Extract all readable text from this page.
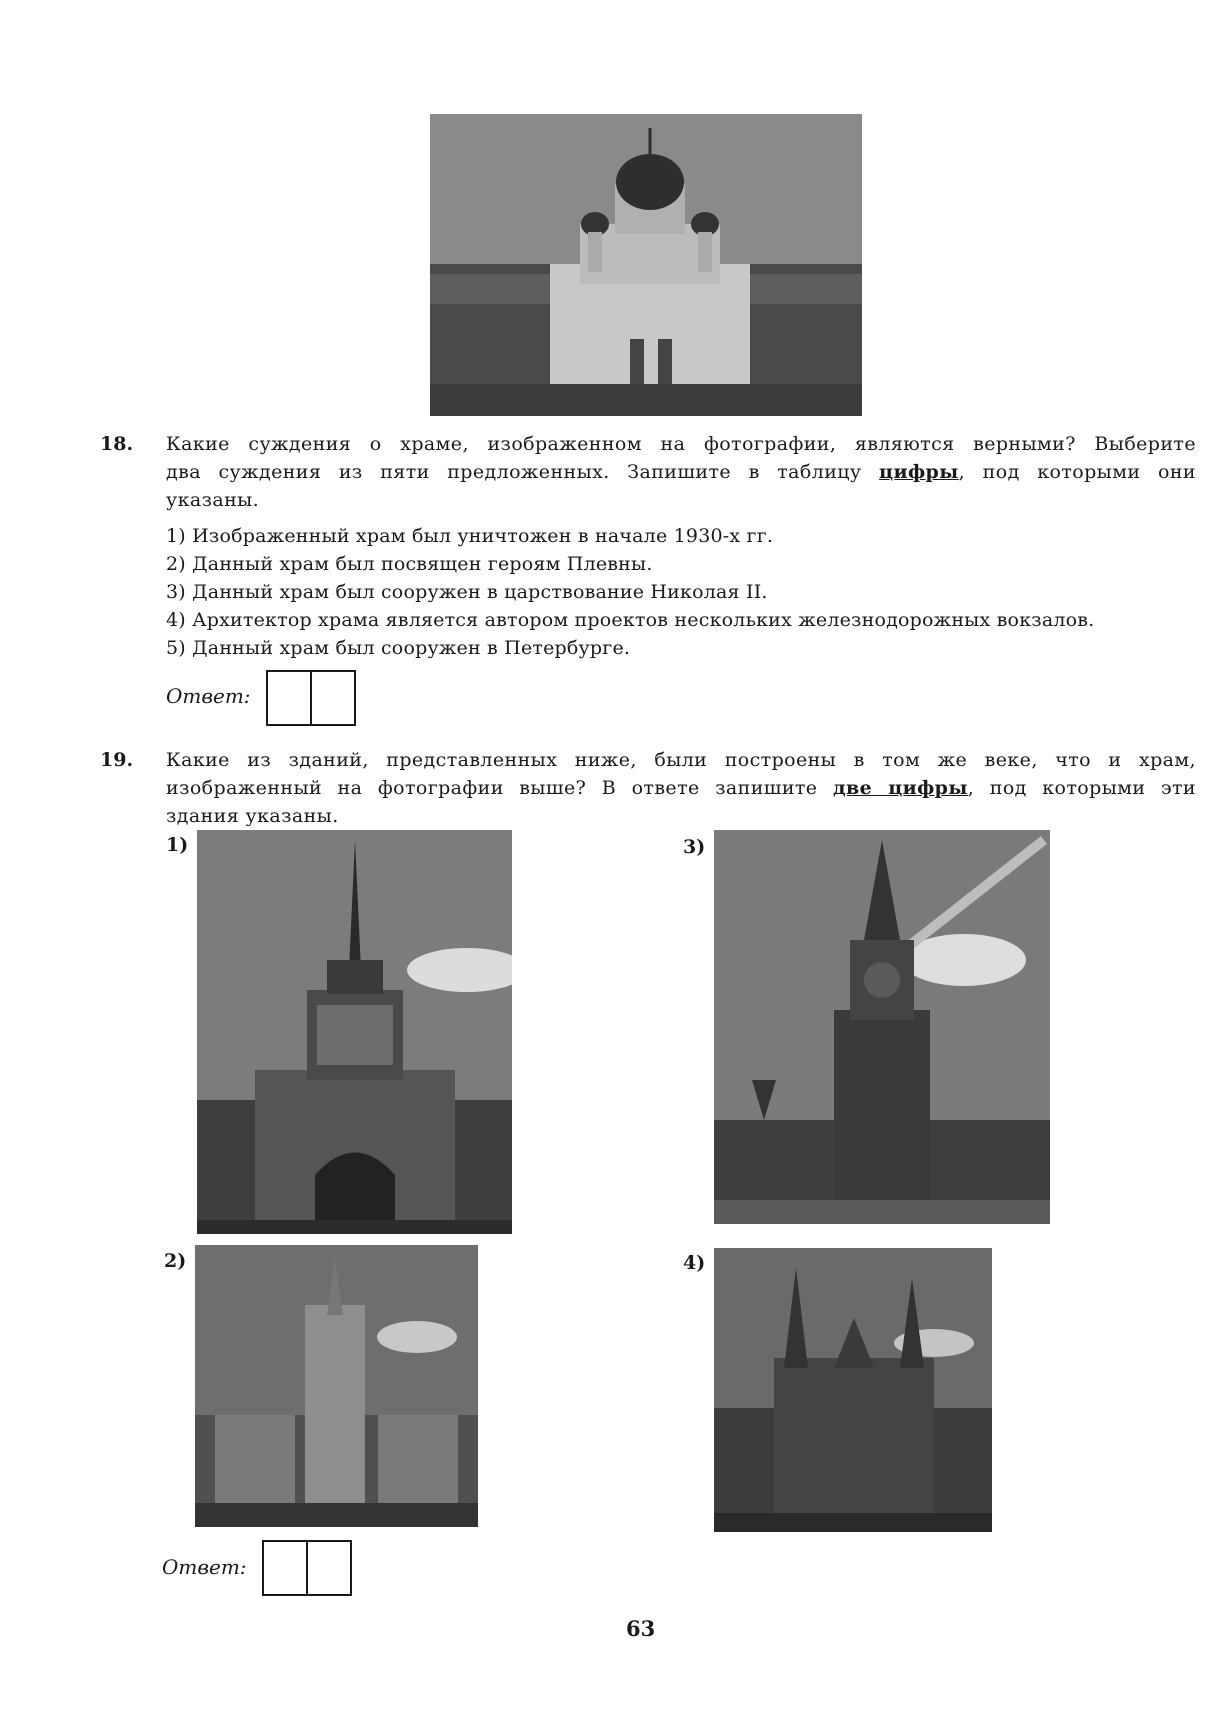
18. Какие суждения о храме, изображенном на фотографии, являются верными? Выберите
два суждения из пяти предложенных. Запишите в таблицу цифры, под которыми они
указаны.
1) Изображенный храм был уничтожен в начале 1930-х гг.
2) Данный храм был посвящен героям Плевны.
3) Данный храм был сооружен в царствование Николая II.
4) Архитектор храма является автором проектов нескольких железнодорожных вокзалов.
5) Данный храм был сооружен в Петербурге.
Ответ:
19. Какие из зданий, представленных ниже, были построены в том же веке, что и храм,
изображенный на фотографии выше? В ответе запишите две цифры, под которыми эти
здания указаны.
1)
2)
3)
4)
Ответ:
63
